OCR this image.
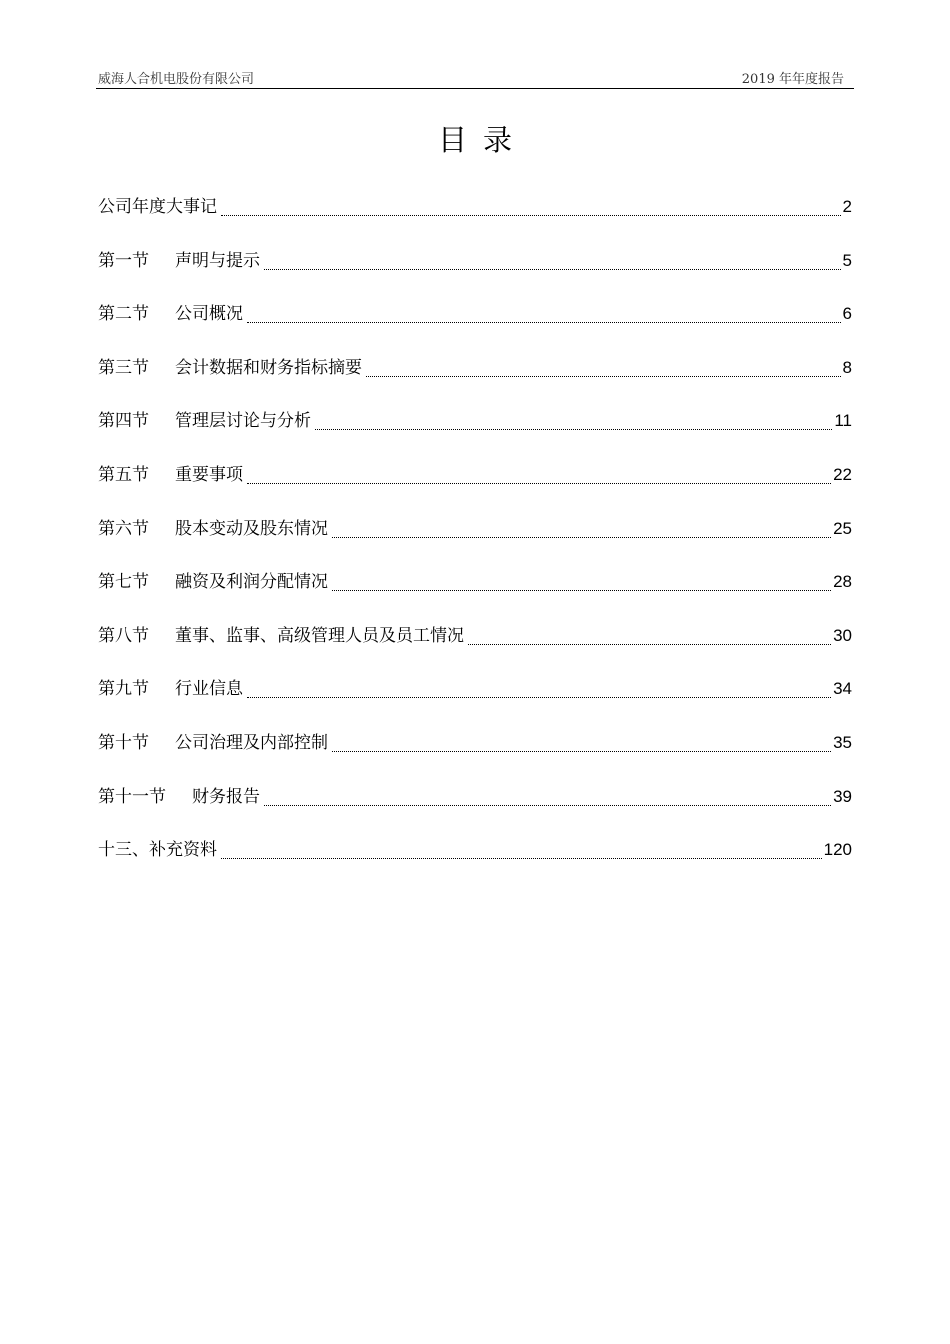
威海人合机电股份有限公司	2019 年年度报告
目录
公司年度大事记	2
第一节	声明与提示	5
第二节	公司概况	6
第三节	会计数据和财务指标摘要	8
第四节	管理层讨论与分析	11
第五节	重要事项	22
第六节	股本变动及股东情况	25
第七节	融资及利润分配情况	28
第八节	董事、监事、高级管理人员及员工情况	30
第九节	行业信息	34
第十节	公司治理及内部控制	35
第十一节	财务报告	39
十三、补充资料	120
